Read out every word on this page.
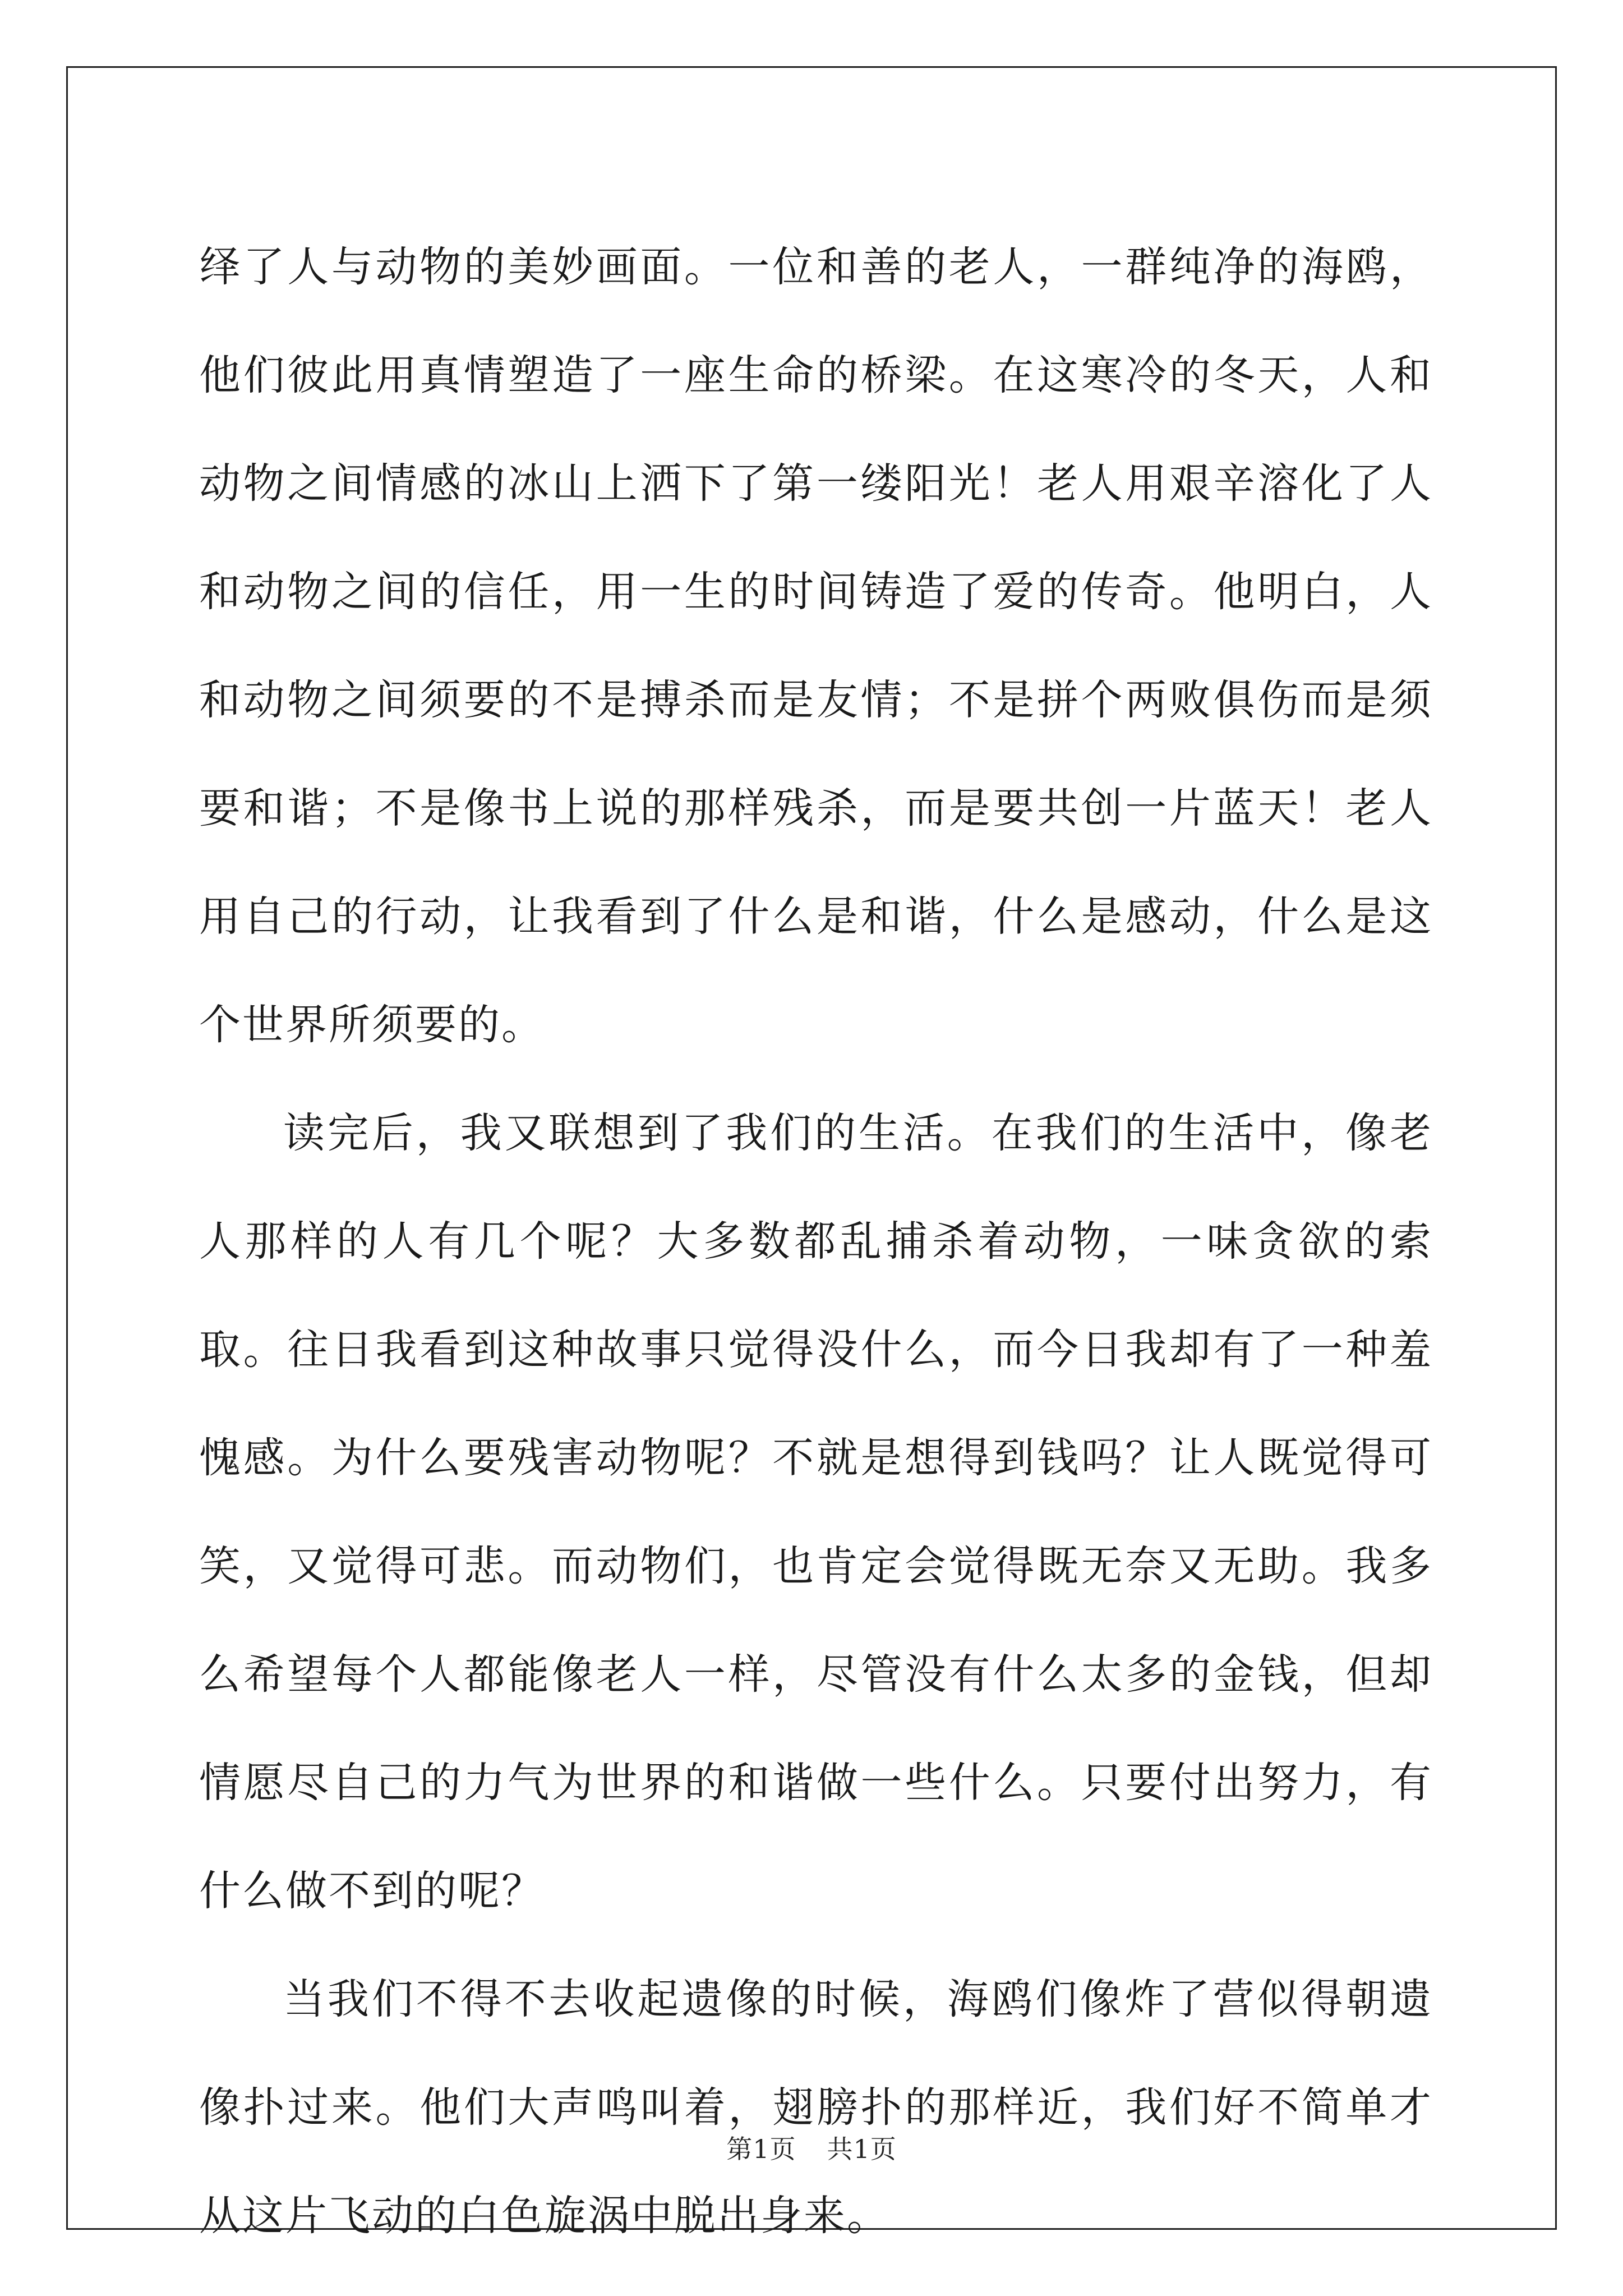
绎了人与动物的美妙画面。一位和善的老人，一群纯净的海鸥，他们彼此用真情塑造了一座生命的桥梁。在这寒冷的冬天，人和动物之间情感的冰山上洒下了第一缕阳光！老人用艰辛溶化了人和动物之间的信任，用一生的时间铸造了爱的传奇。他明白，人和动物之间须要的不是搏杀而是友情；不是拼个两败俱伤而是须要和谐；不是像书上说的那样残杀，而是要共创一片蓝天！老人用自己的行动，让我看到了什么是和谐，什么是感动，什么是这个世界所须要的。

读完后，我又联想到了我们的生活。在我们的生活中，像老人那样的人有几个呢？大多数都乱捕杀着动物，一味贪欲的索取。往日我看到这种故事只觉得没什么，而今日我却有了一种羞愧感。为什么要残害动物呢？不就是想得到钱吗？让人既觉得可笑，又觉得可悲。而动物们，也肯定会觉得既无奈又无助。我多么希望每个人都能像老人一样，尽管没有什么太多的金钱，但却情愿尽自己的力气为世界的和谐做一些什么。只要付出努力，有什么做不到的呢？

当我们不得不去收起遗像的时候，海鸥们像炸了营似得朝遗像扑过来。他们大声鸣叫着，翅膀扑的那样近，我们好不简单才从这片飞动的白色旋涡中脱出身来。

第1页 共1页
